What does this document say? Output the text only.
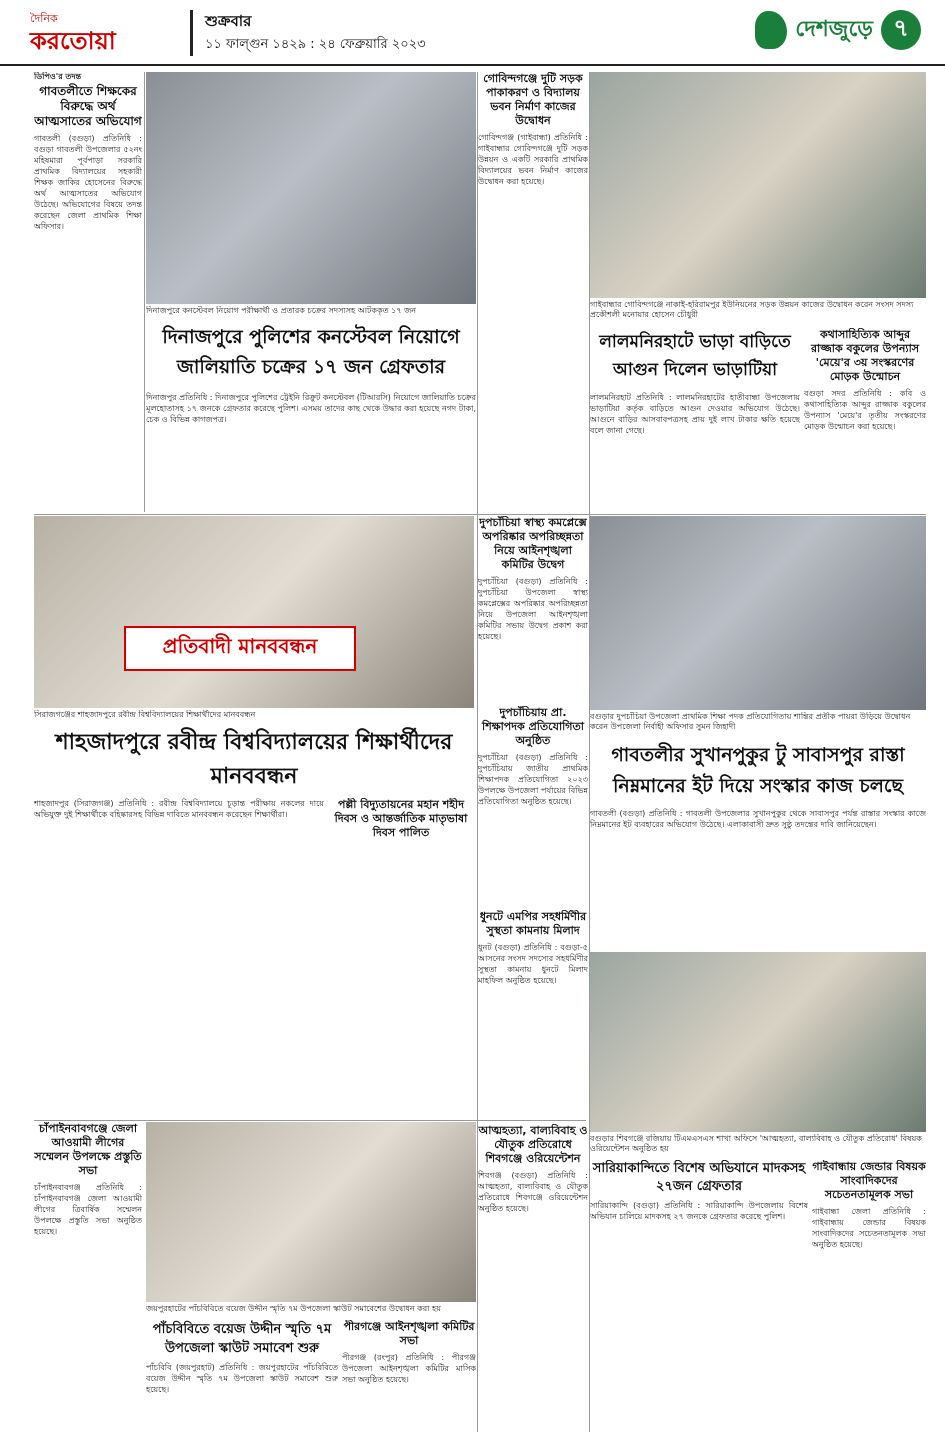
দৈনিক
করতোয়া
শুক্রবার
১১ ফাল্গুন ১৪২৯ : ২৪ ফেব্রুয়ারি ২০২৩
দেশজুড়ে ৭
ডিপিও'র তদন্ত
গাবতলীতে শিক্ষকের বিরুদ্ধে অর্থ আত্মসাতের অভিযোগ
গাবতলী (বগুড়া) প্রতিনিধি : বগুড়া গাবতলী উপজেলার ৫২নং মহিষমারা পূর্বপাড়া সরকারি প্রাথমিক বিদ্যালয়ের সহকারী শিক্ষক জাকির হোসেনের বিরুদ্ধে অর্থ আত্মসাতের অভিযোগ উঠেছে। অভিযোগের বিষয়ে তদন্ত করেছেন জেলা প্রাথমিক শিক্ষা অফিসার।
দিনাজপুরে কনস্টেবল নিয়োগ পরীক্ষার্থী ও প্রতারক চক্রের সদস্যসহ আটককৃত ১৭ জন
দিনাজপুরে পুলিশের কনস্টেবল নিয়োগে জালিয়াতি চক্রের ১৭ জন গ্রেফতার
দিনাজপুর প্রতিনিধি : দিনাজপুরে পুলিশের ট্রেইনি রিক্রুট কনস্টেবল (টিআরসি) নিয়োগে জালিয়াতি চক্রের মূলহোতাসহ ১৭ জনকে গ্রেফতার করেছে পুলিশ। এসময় তাদের কাছ থেকে উদ্ধার করা হয়েছে নগদ টাকা, চেক ও বিভিন্ন কাগজপত্র।
গোবিন্দগঞ্জে দুটি সড়ক পাকাকরণ ও বিদ্যালয় ভবন নির্মাণ কাজের উদ্বোধন
গোবিন্দগঞ্জ (গাইবান্ধা) প্রতিনিধি : গাইবান্ধার গোবিন্দগঞ্জে দুটি সড়ক উন্নয়ন ও একটি সরকারি প্রাথমিক বিদ্যালয়ের ভবন নির্মাণ কাজের উদ্বোধন করা হয়েছে।
গাইবান্ধার গোবিন্দগঞ্জে নাকাই-হরিরামপুর ইউনিয়নের সড়ক উন্নয়ন কাজের উদ্বোধন করেন সংসদ সদস্য প্রকৌশলী মনোয়ার হোসেন চৌধুরী
লালমনিরহাটে ভাড়া বাড়িতে আগুন দিলেন ভাড়াটিয়া
লালমনিরহাট প্রতিনিধি : লালমনিরহাটের হাতীবান্ধা উপজেলায় ভাড়াটিয়া কর্তৃক বাড়িতে আগুন দেওয়ার অভিযোগ উঠেছে। আগুনে বাড়ির আসবাবপত্রসহ প্রায় দুই লাখ টাকার ক্ষতি হয়েছে বলে জানা গেছে।
কথাসাহিত্যিক আব্দুর রাজ্জাক বকুলের উপন্যাস 'মেয়ে'র ৩য় সংস্করণের মোড়ক উন্মোচন
বগুড়া সদর প্রতিনিধি : কবি ও কথাসাহিত্যিক আব্দুর রাজ্জাক বকুলের উপন্যাস 'মেয়ে'র তৃতীয় সংস্করণের মোড়ক উন্মোচন করা হয়েছে।
দুপচাঁচিয়া স্বাস্থ্য কমপ্লেক্সে অপরিষ্কার অপরিচ্ছন্নতা নিয়ে আইনশৃঙ্খলা কমিটির উদ্বেগ
দুপচাঁচিয়া (বগুড়া) প্রতিনিধি : দুপচাঁচিয়া উপজেলা স্বাস্থ্য কমপ্লেক্সের অপরিষ্কার অপরিচ্ছন্নতা নিয়ে উপজেলা আইনশৃঙ্খলা কমিটির সভায় উদ্বেগ প্রকাশ করা হয়েছে।
দুপচাঁচিয়ায় প্রা. শিক্ষাপদক প্রতিযোগিতা অনুষ্ঠিত
দুপচাঁচিয়া (বগুড়া) প্রতিনিধি : দুপচাঁচিয়ায় জাতীয় প্রাথমিক শিক্ষাপদক প্রতিযোগিতা ২০২৩ উপলক্ষে উপজেলা পর্যায়ের বিভিন্ন প্রতিযোগিতা অনুষ্ঠিত হয়েছে।
প্রতিবাদী মানববন্ধন
সিরাজগঞ্জের শাহজাদপুরে রবীন্দ্র বিশ্ববিদ্যালয়ের শিক্ষার্থীদের মানববন্ধন	বগুড়ার দুপচাঁচিয়া উপজেলা প্রাথমিক শিক্ষা পদক প্রতিযোগিতায় শান্তির প্রতীক পায়রা উড়িয়ে উদ্বোধন করেন উপজেলা নির্বাহী অফিসার সুমন জিহাদী
শাহজাদপুরে রবীন্দ্র বিশ্ববিদ্যালয়ের শিক্ষার্থীদের মানববন্ধন
শাহজাদপুর (সিরাজগঞ্জ) প্রতিনিধি : রবীন্দ্র বিশ্ববিদ্যালয়ে চূড়ান্ত পরীক্ষায় নকলের দায়ে অভিযুক্ত দুই শিক্ষার্থীকে বহিষ্কারসহ বিভিন্ন দাবিতে মানববন্ধন করেছেন শিক্ষার্থীরা।
পল্লী বিদ্যুতায়নের মহান শহীদ দিবস ও আন্তর্জাতিক মাতৃভাষা দিবস পালিত
ধুনটে এমপির সহধর্মিণীর সুস্থতা কামনায় মিলাদ
ধুনট (বগুড়া) প্রতিনিধি : বগুড়া-৫ আসনের সংসদ সদস্যের সহধর্মিণীর সুস্থতা কামনায় ধুনটে মিলাদ মাহফিল অনুষ্ঠিত হয়েছে।
গাবতলীর সুখানপুকুর টু সাবাসপুর রাস্তা নিম্নমানের ইট দিয়ে সংস্কার কাজ চলছে
গাবতলী (বগুড়া) প্রতিনিধি : গাবতলী উপজেলার সুখানপুকুর থেকে সাবাসপুর পর্যন্ত রাস্তার সংস্কার কাজে নিম্নমানের ইট ব্যবহারের অভিযোগ উঠেছে। এলাকাবাসী দ্রুত সুষ্ঠু তদন্তের দাবি জানিয়েছেন।
বগুড়ার শিবগঞ্জে রজিয়ায় টিএমএসএস শাখা অফিসে 'আত্মহত্যা, বাল্যবিবাহ ও যৌতুক প্রতিরোধ' বিষয়ক ওরিয়েন্টেশন অনুষ্ঠিত হয়
চাঁপাইনবাবগঞ্জে জেলা আওয়ামী লীগের সম্মেলন উপলক্ষে প্রস্তুতি সভা
চাঁপাইনবাবগঞ্জ প্রতিনিধি : চাঁপাইনবাবগঞ্জ জেলা আওয়ামী লীগের ত্রিবার্ষিক সম্মেলন উপলক্ষে প্রস্তুতি সভা অনুষ্ঠিত হয়েছে।
জয়পুরহাটের পাঁচবিবিতে বয়েজ উদ্দীন স্মৃতি ৭ম উপজেলা স্কাউট সমাবেশের উদ্বোধন করা হয়
পাঁচবিবিতে বয়েজ উদ্দীন স্মৃতি ৭ম উপজেলা স্কাউট সমাবেশ শুরু
পাঁচবিবি (জয়পুরহাট) প্রতিনিধি : জয়পুরহাটের পাঁচবিবিতে বয়েজ উদ্দীন স্মৃতি ৭ম উপজেলা স্কাউট সমাবেশ শুরু হয়েছে।
পীরগঞ্জে আইনশৃঙ্খলা কমিটির সভা
পীরগঞ্জ (রংপুর) প্রতিনিধি : পীরগঞ্জ উপজেলা আইনশৃঙ্খলা কমিটির মাসিক সভা অনুষ্ঠিত হয়েছে।
আত্মহত্যা, বাল্যবিবাহ ও যৌতুক প্রতিরোধে শিবগঞ্জে ওরিয়েন্টেশন
শিবগঞ্জ (বগুড়া) প্রতিনিধি : আত্মহত্যা, বাল্যবিবাহ ও যৌতুক প্রতিরোধে শিবগঞ্জে ওরিয়েন্টেশন অনুষ্ঠিত হয়েছে।
সারিয়াকান্দিতে বিশেষ অভিযানে মাদকসহ ২৭জন গ্রেফতার
সারিয়াকান্দি (বগুড়া) প্রতিনিধি : সারিয়াকান্দি উপজেলায় বিশেষ অভিযান চালিয়ে মাদকসহ ২৭ জনকে গ্রেফতার করেছে পুলিশ।
গাইবান্ধায় জেন্ডার বিষয়ক সাংবাদিকদের সচেতনতামূলক সভা
গাইবান্ধা জেলা প্রতিনিধি : গাইবান্ধায় জেন্ডার বিষয়ক সাংবাদিকদের সচেতনতামূলক সভা অনুষ্ঠিত হয়েছে।
